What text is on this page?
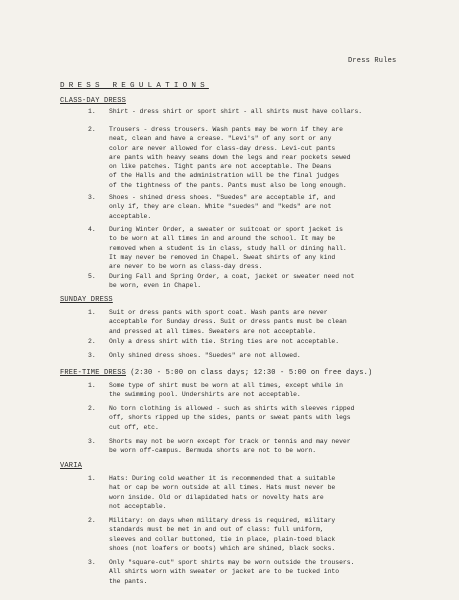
Dress Rules
DRESS REGULATIONS
CLASS-DAY DRESS
1.	Shirt - dress shirt or sport shirt - all shirts must have collars.
2.	Trousers - dress trousers. Wash pants may be worn if they are
neat, clean and have a crease. "Levi's" of any sort or any
color are never allowed for class-day dress. Levi-cut pants
are pants with heavy seams down the legs and rear pockets sewed
on like patches. Tight pants are not acceptable. The Deans
of the Halls and the administration will be the final judges
of the tightness of the pants. Pants must also be long enough.
3.	Shoes - shined dress shoes. "Suedes" are acceptable if, and
only if, they are clean. White "suedes" and "keds" are not
acceptable.
4.	During Winter Order, a sweater or suitcoat or sport jacket is
to be worn at all times in and around the school. It may be
removed when a student is in class, study hall or dining hall.
It may never be removed in Chapel. Sweat shirts of any kind
are never to be worn as class-day dress.
5.	During Fall and Spring Order, a coat, jacket or sweater need not
be worn, even in Chapel.
SUNDAY DRESS
1.	Suit or dress pants with sport coat. Wash pants are never
acceptable for Sunday dress. Suit or dress pants must be clean
and pressed at all times. Sweaters are not acceptable.
2.	Only a dress shirt with tie. String ties are not acceptable.
3.	Only shined dress shoes. "Suedes" are not allowed.
FREE-TIME DRESS (2:30 - 5:00 on class days; 12:30 - 5:00 on free days.)
1.	Some type of shirt must be worn at all times, except while in
the swimming pool. Undershirts are not acceptable.
2.	No torn clothing is allowed - such as shirts with sleeves ripped
off, shorts ripped up the sides, pants or sweat pants with legs
cut off, etc.
3.	Shorts may not be worn except for track or tennis and may never
be worn off-campus. Bermuda shorts are not to be worn.
VARIA
1.	Hats: During cold weather it is recommended that a suitable
hat or cap be worn outside at all times. Hats must never be
worn inside. Old or dilapidated hats or novelty hats are
not acceptable.
2.	Military: on days when military dress is required, military
standards must be met in and out of class: full uniform,
sleeves and collar buttoned, tie in place, plain-toed black
shoes (not loafers or boots) which are shined, black socks.
3.	Only "square-cut" sport shirts may be worn outside the trousers.
All shirts worn with sweater or jacket are to be tucked into
the pants.
